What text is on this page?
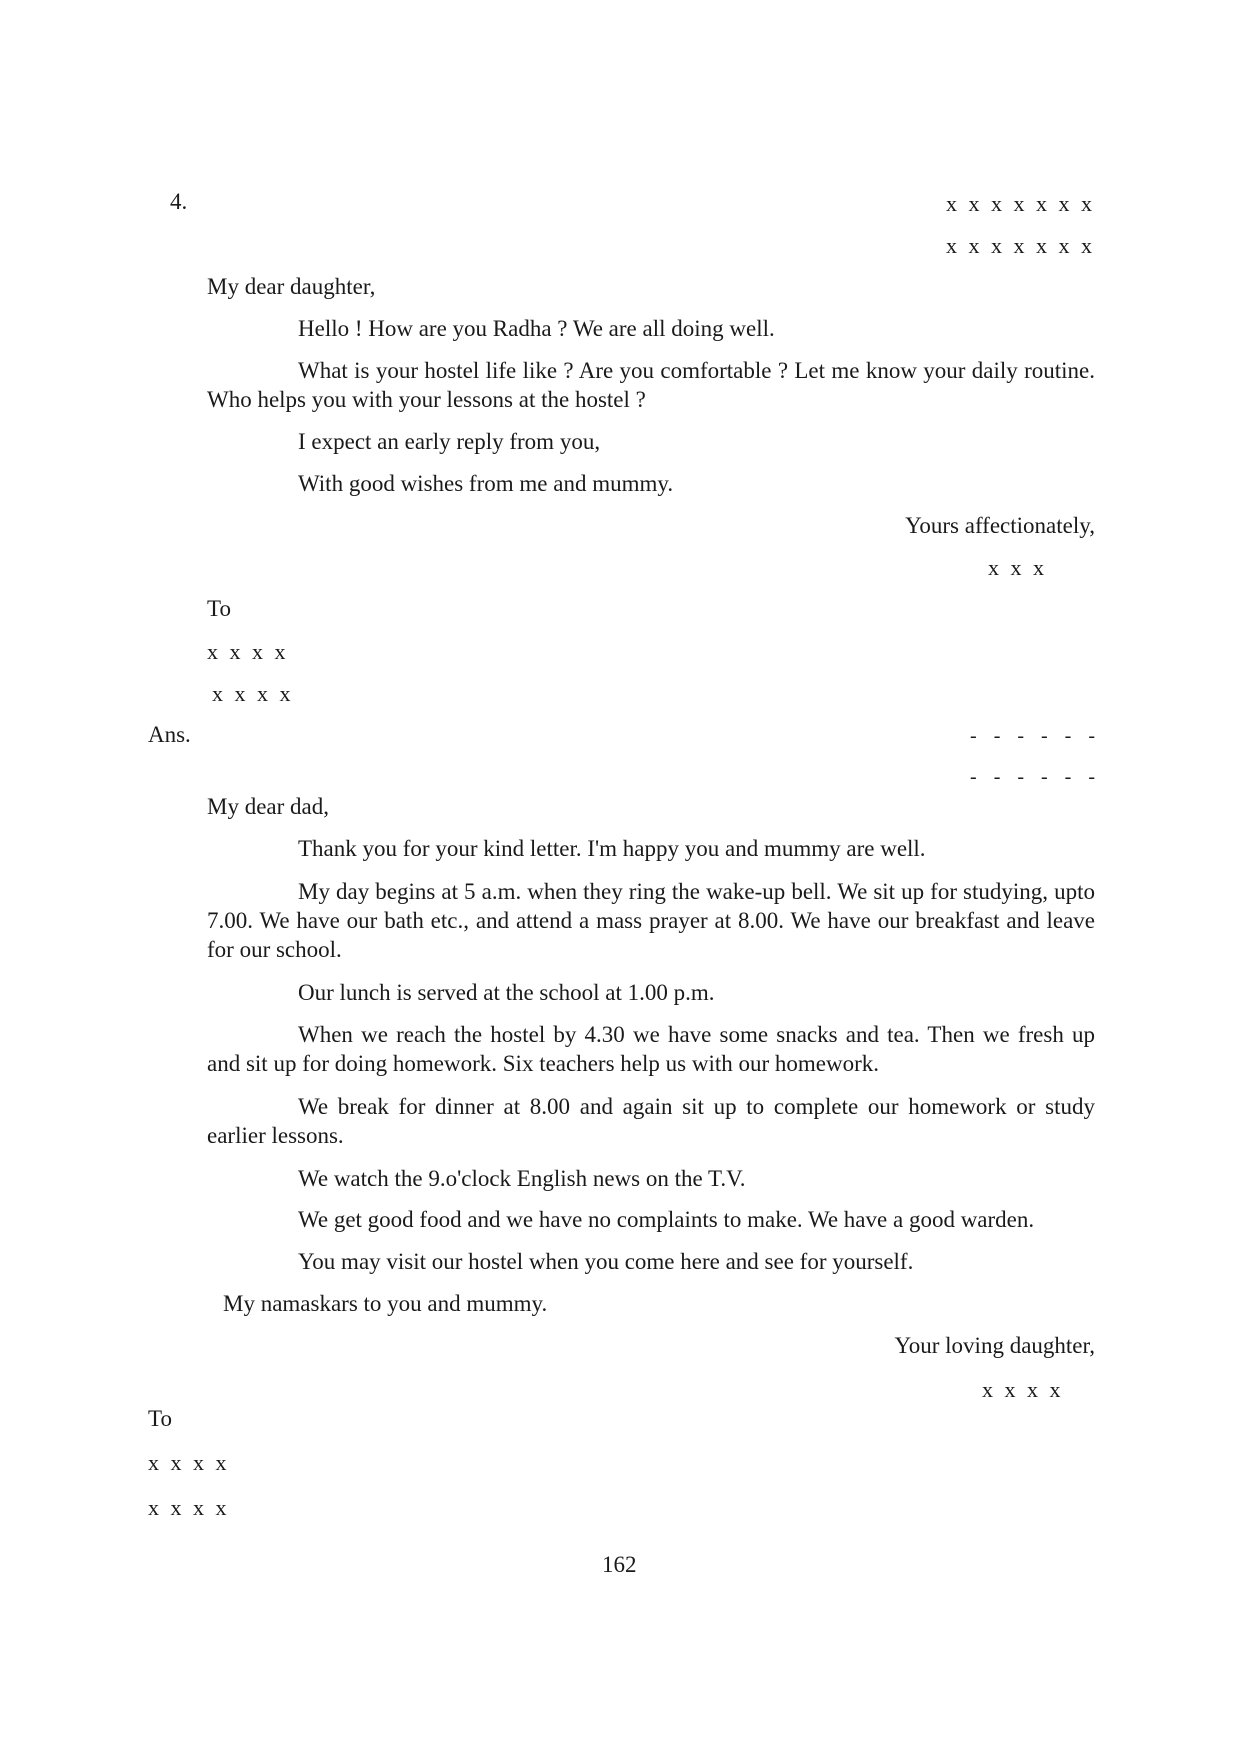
4.	x x x x x x x
x x x x x x x
My dear daughter,
Hello ! How are you Radha ? We are all doing well.
What is your hostel life like ? Are you comfortable ? Let me know your daily routine. Who helps you with your lessons at the hostel ?
I expect an early reply from you,
With good wishes from me and mummy.
Yours affectionately,
x x x
To
x x x x
x x x x
Ans.	- - - - - -
- - - - - -
My dear dad,
Thank you for your kind letter. I'm happy you and mummy are well.
My day begins at 5 a.m. when they ring the wake-up bell. We sit up for studying, upto 7.00. We have our bath etc., and attend a mass prayer at 8.00. We have our breakfast and leave for our school.
Our lunch is served at the school at 1.00 p.m.
When we reach the hostel by 4.30 we have some snacks and tea. Then we fresh up and sit up for doing homework. Six teachers help us with our homework.
We break for dinner at 8.00 and again sit up to complete our homework or study earlier lessons.
We watch the 9.o'clock English news on the T.V.
We get good food and we have no complaints to make. We have a good warden.
You may visit our hostel when you come here and see for yourself.
My namaskars to you and mummy.
Your loving daughter,
x x x x
To
x x x x
x x x x
162
